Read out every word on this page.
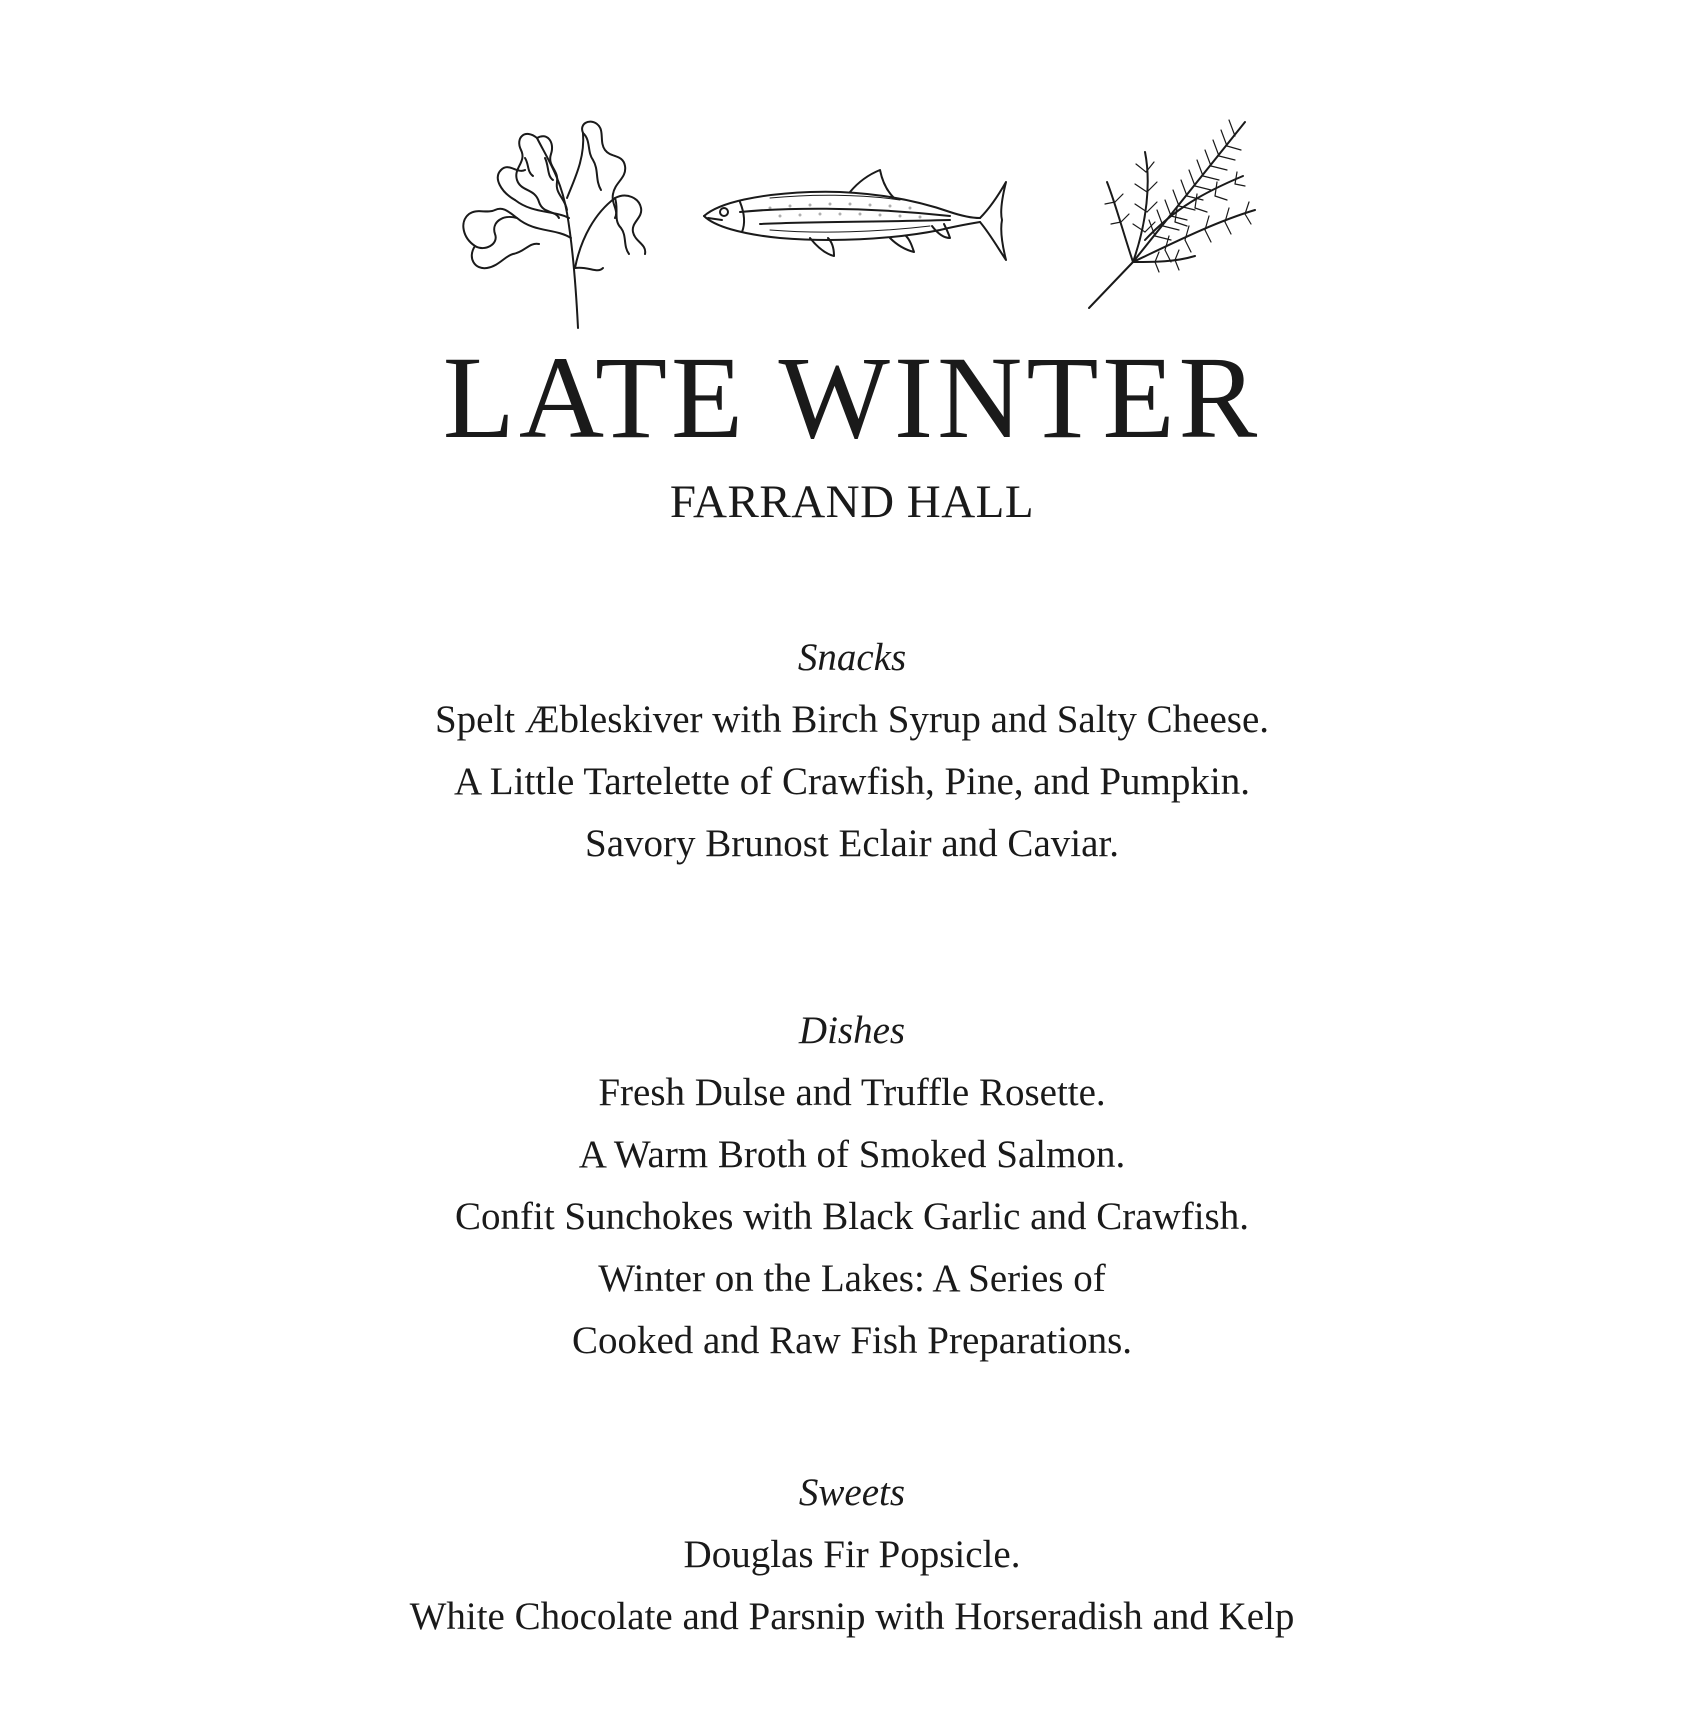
LATE WINTER
FARRAND HALL
Snacks
Spelt Æbleskiver with Birch Syrup and Salty Cheese.
A Little Tartelette of Crawfish, Pine, and Pumpkin.
Savory Brunost Eclair and Caviar.
Dishes
Fresh Dulse and Truffle Rosette.
A Warm Broth of Smoked Salmon.
Confit Sunchokes with Black Garlic and Crawfish.
Winter on the Lakes: A Series of
Cooked and Raw Fish Preparations.
Sweets
Douglas Fir Popsicle.
White Chocolate and Parsnip with Horseradish and Kelp
